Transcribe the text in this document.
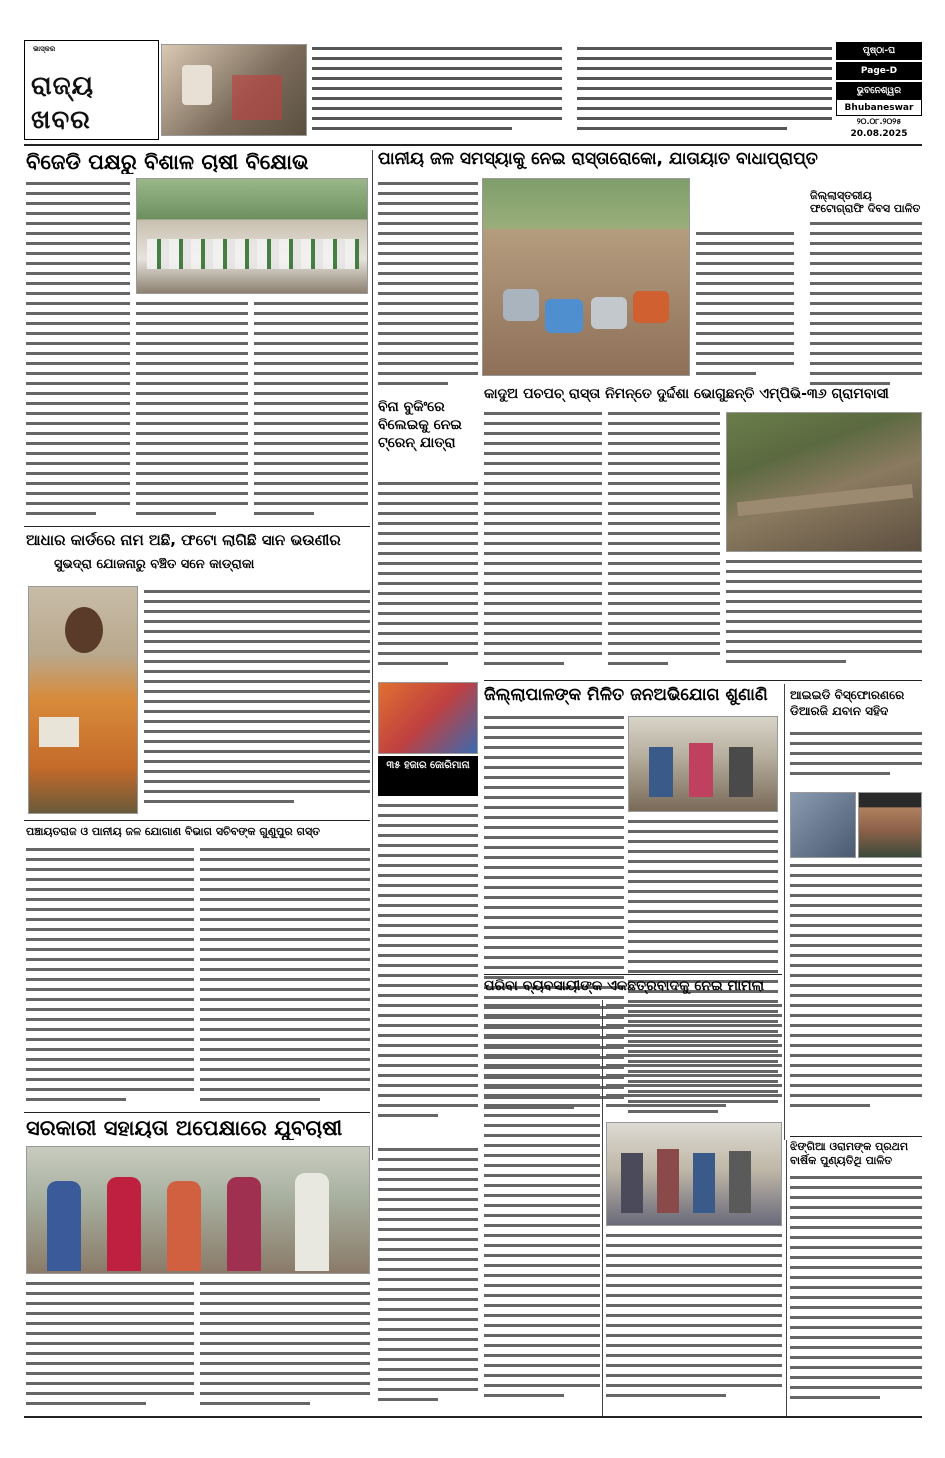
ଭାସ୍କର
ରାଜ୍ୟ
ଖବର
ପୃଷ୍ଠା-ଘ
Page-D
ଭୁବନେଶ୍ୱର
Bhubaneswar
୨୦.୦୮.୨୦୨୫
20.08.2025
ବିଜେଡି ପକ୍ଷରୁ ବିଶାଳ ଚାଷୀ ବିକ୍ଷୋଭ	ପାନୀୟ ଜଳ ସମସ୍ୟାକୁ ନେଇ ରାସ୍ତାରୋକୋ, ଯାତାୟାତ ବାଧାପ୍ରାପ୍ତ
ଜିଲ୍ଲାସ୍ତରୀୟ ଫଟୋଗ୍ରାଫି ଦିବସ ପାଳିତ
ବିନା ବୁକିଂରେ ବିଲେଇକୁ ନେଇ ଟ୍ରେନ୍ ଯାତ୍ରା
କାଦୁଅ ପଚପଚ୍ ରାସ୍ତା ନିମନ୍ତେ ଦୁର୍ଦ୍ଦଶା ଭୋଗୁଛନ୍ତି ଏମ୍‌ପିଭି-୩୬ ଗ୍ରାମବାସୀ
ଆଧାର କାର୍ଡରେ ନାମ ଅଛି, ଫଟୋ ଲାଗିଛି ସାନ ଭଉଣୀର
ସୁଭଦ୍ରା ଯୋଜନାରୁ ବଞ୍ଚିତ ସନେ କାଡ୍ରାକା
୩୫ ହଜାର ଜୋରିମାନା
ଜିଲ୍ଲାପାଳଙ୍କ ମିଳିତ ଜନଅଭିଯୋଗ ଶୁଣାଣି	ଆଇଇଡି ବିସ୍ଫୋରଣରେ ଡିଆରଜି ଯବାନ ସହିଦ
ପଞ୍ଚାୟତରାଜ ଓ ପାନୀୟ ଜଳ ଯୋଗାଣ ବିଭାଗ ସଚିବଙ୍କ ଗୁଣୁପୁର ଗସ୍ତ
ପରିବା ବ୍ୟବସାୟୀଙ୍କ ଏକଛତ୍ରବାଦକୁ ନେଇ ମାମଲା
ଝିଙ୍ଗିଆ ଓରାମଙ୍କ ପ୍ରଥମ ବାର୍ଷିକ ପୁଣ୍ୟତିଥି ପାଳିତ
ସରକାରୀ ସହାୟତା ଅପେକ୍ଷାରେ ଯୁବଚାଷୀ
